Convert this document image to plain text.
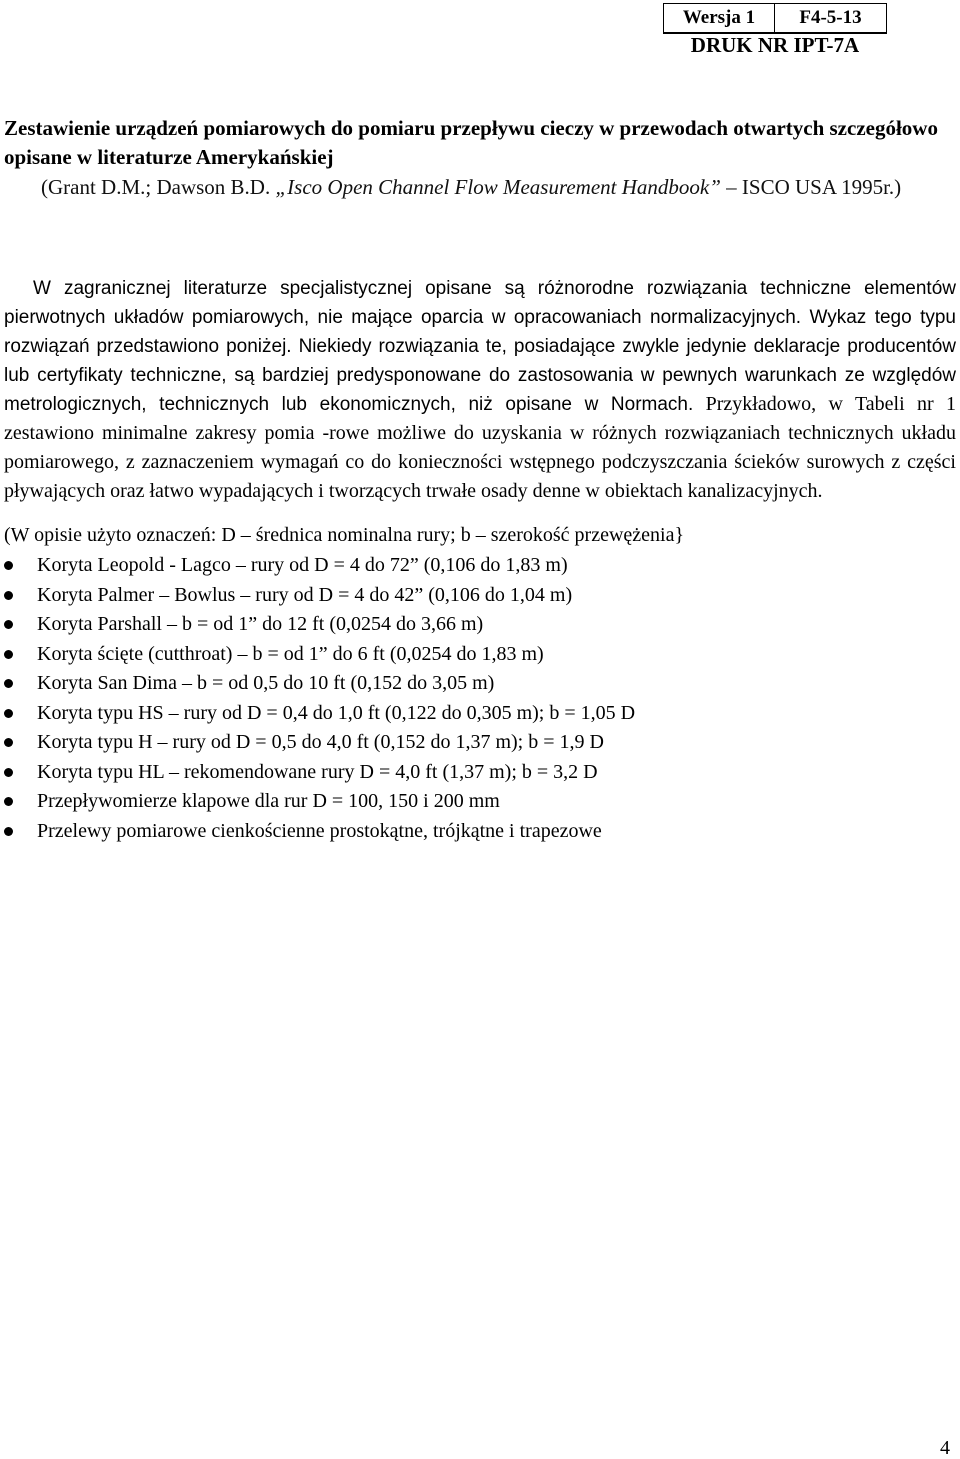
Wersja 1	F4-5-13
DRUK NR IPT-7A
Zestawienie urządzeń pomiarowych do pomiaru przepływu cieczy w przewodach otwartych szczegółowo opisane w literaturze Amerykańskiej
(Grant D.M.; Dawson B.D. „Isco Open Channel Flow Measurement Handbook” – ISCO USA 1995r.)
W zagranicznej literaturze specjalistycznej opisane są różnorodne rozwiązania techniczne elementów pierwotnych układów pomiarowych, nie mające oparcia w opracowaniach normalizacyjnych. Wykaz tego typu rozwiązań przedstawiono poniżej. Niekiedy rozwiązania te, posiadające zwykle jedynie deklaracje producentów lub certyfikaty techniczne, są bardziej predysponowane do zastosowania w pewnych warunkach ze względów metrologicznych, technicznych lub ekonomicznych, niż opisane w Normach. Przykładowo, w Tabeli nr 1 zestawiono minimalne zakresy pomia -rowe możliwe do uzyskania w różnych rozwiązaniach technicznych układu pomiarowego, z zaznaczeniem wymagań co do konieczności wstępnego podczyszczania ścieków surowych z części pływających oraz łatwo wypadających i tworzących trwałe osady denne w obiektach kanalizacyjnych.
(W opisie użyto oznaczeń: D – średnica nominalna rury; b – szerokość przewężenia}
Koryta Leopold - Lagco – rury od D = 4 do 72” (0,106 do 1,83 m)
Koryta Palmer – Bowlus – rury od D = 4 do 42” (0,106 do 1,04 m)
Koryta Parshall – b = od 1” do 12 ft (0,0254 do 3,66 m)
Koryta ścięte (cutthroat) – b = od 1” do 6 ft (0,0254 do 1,83 m)
Koryta San Dima – b = od 0,5 do 10 ft (0,152 do 3,05 m)
Koryta typu HS – rury od D = 0,4 do 1,0 ft (0,122 do 0,305 m); b = 1,05 D
Koryta typu H – rury od D = 0,5 do 4,0 ft (0,152 do 1,37 m); b = 1,9 D
Koryta typu HL – rekomendowane rury D = 4,0 ft (1,37 m); b = 3,2 D
Przepływomierze klapowe dla rur D = 100, 150 i 200 mm
Przelewy pomiarowe cienkościenne prostokątne, trójkątne i trapezowe
4
